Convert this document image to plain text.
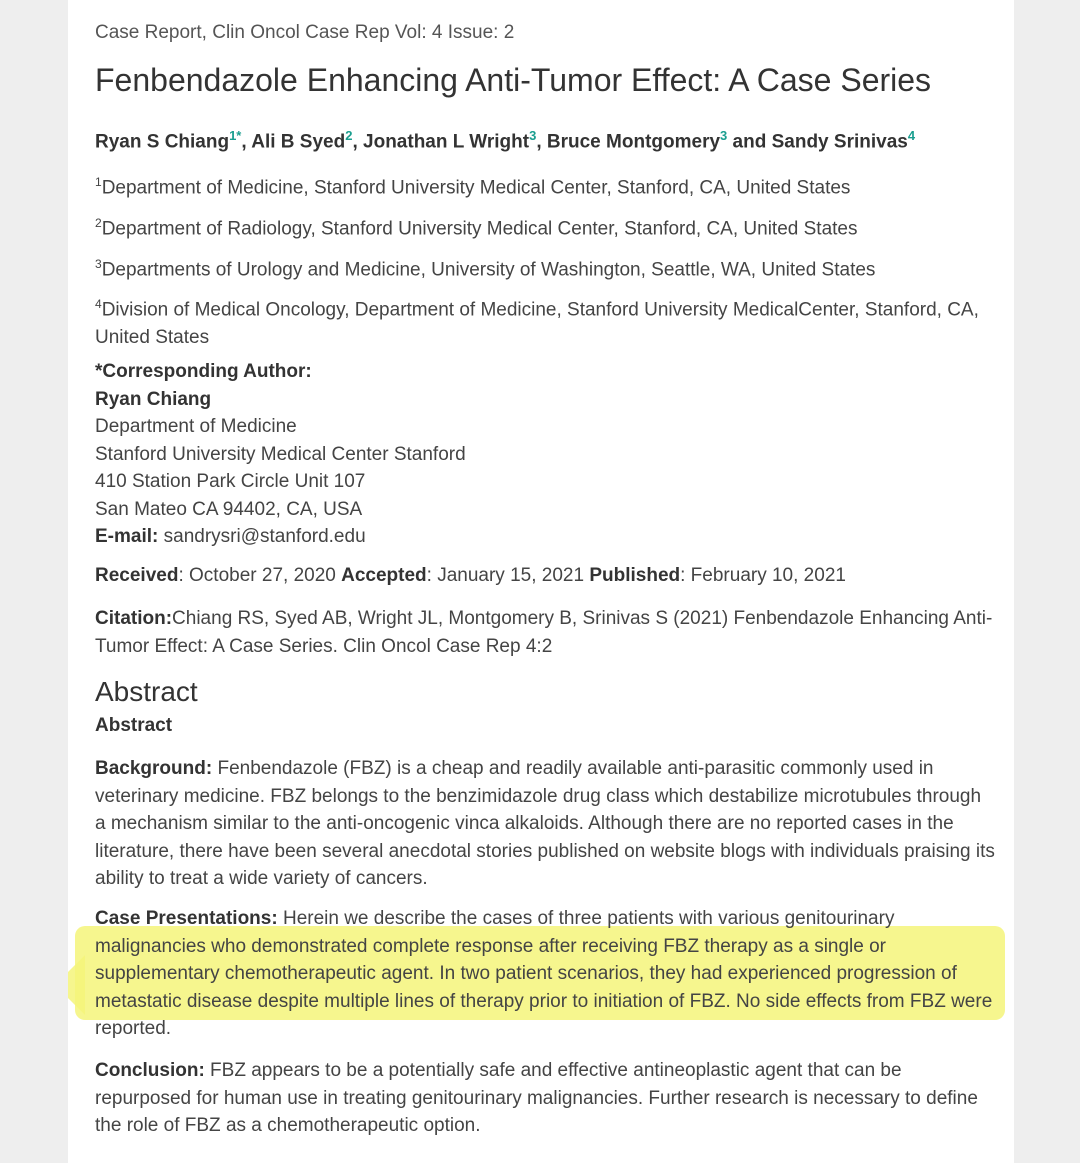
Case Report, Clin Oncol Case Rep Vol: 4 Issue: 2
Fenbendazole Enhancing Anti-Tumor Effect: A Case Series
Ryan S Chiang$^{1*}$, Ali B Syed$^2$, Jonathan L Wright$^3$, Bruce Montgomery$^3$ and Sandy Srinivas$^4$
$^1$Department of Medicine, Stanford University Medical Center, Stanford, CA, United States
$^2$Department of Radiology, Stanford University Medical Center, Stanford, CA, United States
$^3$Departments of Urology and Medicine, University of Washington, Seattle, WA, United States
$^4$Division of Medical Oncology, Department of Medicine, Stanford University MedicalCenter, Stanford, CA, United States
*Corresponding Author:
Ryan Chiang
Department of Medicine
Stanford University Medical Center Stanford
410 Station Park Circle Unit 107
San Mateo CA 94402, CA, USA
E-mail: sandrysri@stanford.edu
Received: October 27, 2020 Accepted: January 15, 2021 Published: February 10, 2021
Citation:Chiang RS, Syed AB, Wright JL, Montgomery B, Srinivas S (2021) Fenbendazole Enhancing Anti-Tumor Effect: A Case Series. Clin Oncol Case Rep 4:2
Abstract
Abstract
Background: Fenbendazole (FBZ) is a cheap and readily available anti-parasitic commonly used in veterinary medicine. FBZ belongs to the benzimidazole drug class which destabilize microtubules through a mechanism similar to the anti-oncogenic vinca alkaloids. Although there are no reported cases in the literature, there have been several anecdotal stories published on website blogs with individuals praising its ability to treat a wide variety of cancers.
Case Presentations: Herein we describe the cases of three patients with various genitourinary malignancies who demonstrated complete response after receiving FBZ therapy as a single or supplementary chemotherapeutic agent. In two patient scenarios, they had experienced progression of metastatic disease despite multiple lines of therapy prior to initiation of FBZ. No side effects from FBZ were reported.
Conclusion: FBZ appears to be a potentially safe and effective antineoplastic agent that can be repurposed for human use in treating genitourinary malignancies. Further research is necessary to define the role of FBZ as a chemotherapeutic option.
